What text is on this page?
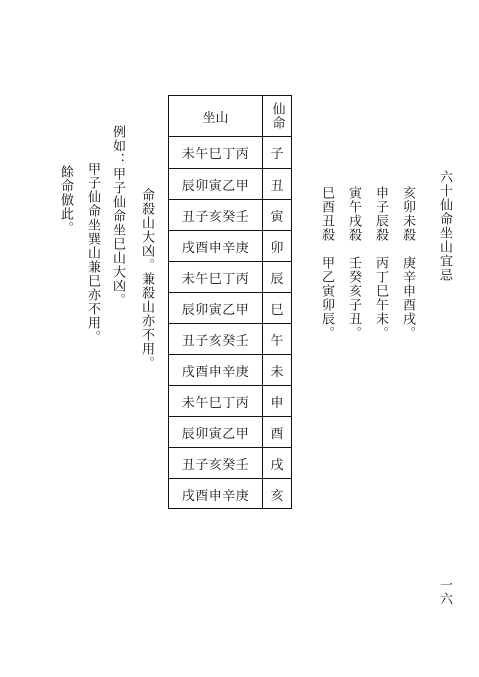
六十仙命坐山宜忌
亥卯未殺　庚辛申酉戌。
申子辰殺　丙丁巳午未。
寅午戌殺　壬癸亥子丑。
巳酉丑殺　甲乙寅卯辰。
坐山	仙命
未午巳丁丙	子
辰卯寅乙甲	丑
丑子亥癸壬	寅
戌酉申辛庚	卯
未午巳丁丙	辰
辰卯寅乙甲	巳
丑子亥癸壬	午
戌酉申辛庚	未
未午巳丁丙	申
辰卯寅乙甲	酉
丑子亥癸壬	戌
戌酉申辛庚	亥
命殺山大凶。兼殺山亦不用。
例如：甲子仙命坐巳山大凶。
甲子仙命坐巽山兼巳亦不用。
餘命倣此。
一六
